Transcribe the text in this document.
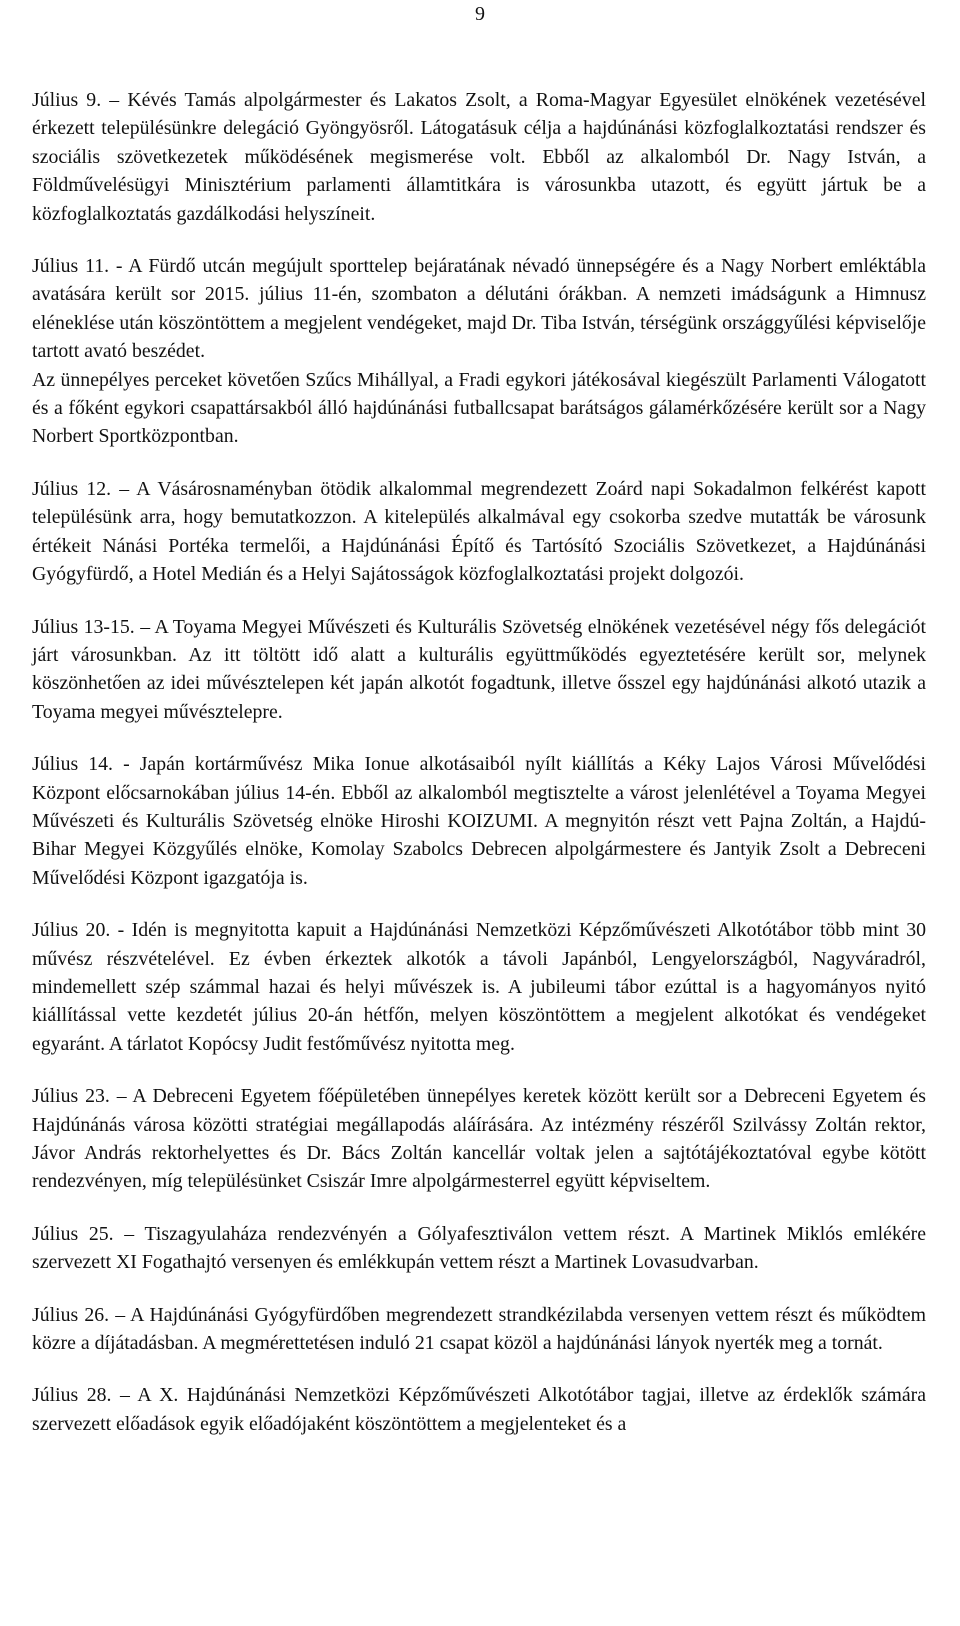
9

Július 9. – Kévés Tamás alpolgármester és Lakatos Zsolt, a Roma-Magyar Egyesület elnökének vezetésével érkezett településünkre delegáció Gyöngyösről. Látogatásuk célja a hajdúnánási közfoglalkoztatási rendszer és szociális szövetkezetek működésének megismerése volt. Ebből az alkalomból Dr. Nagy István, a Földművelésügyi Minisztérium parlamenti államtitkára is városunkba utazott, és együtt jártuk be a közfoglalkoztatás gazdálkodási helyszíneit.

Július 11. - A Fürdő utcán megújult sporttelep bejáratának névadó ünnepségére és a Nagy Norbert emléktábla avatására került sor 2015. július 11-én, szombaton a délutáni órákban. A nemzeti imádságunk a Himnusz eléneklése után köszöntöttem a megjelent vendégeket, majd Dr. Tiba István, térségünk országgyűlési képviselője tartott avató beszédet.

Az ünnepélyes perceket követően Szűcs Mihállyal, a Fradi egykori játékosával kiegészült Parlamenti Válogatott és a főként egykori csapattársakból álló hajdúnánási futballcsapat barátságos gálamérkőzésére került sor a Nagy Norbert Sportközpontban.

Július 12. – A Vásárosnaményban ötödik alkalommal megrendezett Zoárd napi Sokadalmon felkérést kapott településünk arra, hogy bemutatkozzon. A kitelepülés alkalmával egy csokorba szedve mutatták be városunk értékeit Nánási Portéka termelői, a Hajdúnánási Építő és Tartósító Szociális Szövetkezet, a Hajdúnánási Gyógyfürdő, a Hotel Medián és a Helyi Sajátosságok közfoglalkoztatási projekt dolgozói.

Július 13-15. – A Toyama Megyei Művészeti és Kulturális Szövetség elnökének vezetésével négy fős delegációt járt városunkban. Az itt töltött idő alatt a kulturális együttműködés egyeztetésére került sor, melynek köszönhetően az idei művésztelepen két japán alkotót fogadtunk, illetve ősszel egy hajdúnánási alkotó utazik a Toyama megyei művésztelepre.

Július 14. - Japán kortárművész Mika Ionue alkotásaiból nyílt kiállítás a Kéky Lajos Városi Művelődési Központ előcsarnokában július 14-én. Ebből az alkalomból megtisztelte a várost jelenlétével a Toyama Megyei Művészeti és Kulturális Szövetség elnöke Hiroshi KOIZUMI. A megnyitón részt vett Pajna Zoltán, a Hajdú-Bihar Megyei Közgyűlés elnöke, Komolay Szabolcs Debrecen alpolgármestere és Jantyik Zsolt a Debreceni Művelődési Központ igazgatója is.

Július 20. - Idén is megnyitotta kapuit a Hajdúnánási Nemzetközi Képzőművészeti Alkotótábor több mint 30 művész részvételével. Ez évben érkeztek alkotók a távoli Japánból, Lengyelországból, Nagyváradról, mindemellett szép számmal hazai és helyi művészek is. A jubileumi tábor ezúttal is a hagyományos nyitó kiállítással vette kezdetét július 20-án hétfőn, melyen köszöntöttem a megjelent alkotókat és vendégeket egyaránt. A tárlatot Kopócsy Judit festőművész nyitotta meg.

Július 23. – A Debreceni Egyetem főépületében ünnepélyes keretek között került sor a Debreceni Egyetem és Hajdúnánás városa közötti stratégiai megállapodás aláírására. Az intézmény részéről Szilvássy Zoltán rektor, Jávor András rektorhelyettes és Dr. Bács Zoltán kancellár voltak jelen a sajtótájékoztatóval egybe kötött rendezvényen, míg településünket Csiszár Imre alpolgármesterrel együtt képviseltem.

Július 25. – Tiszagyulaháza rendezvényén a Gólyafesztiválon vettem részt. A Martinek Miklós emlékére szervezett XI Fogathajtó versenyen és emlékkupán vettem részt a Martinek Lovasudvarban.

Július 26. – A Hajdúnánási Gyógyfürdőben megrendezett strandkézilabda versenyen vettem részt és működtem közre a díjátadásban. A megmérettetésen induló 21 csapat közöl a hajdúnánási lányok nyerték meg a tornát.

Július 28. – A X. Hajdúnánási Nemzetközi Képzőművészeti Alkotótábor tagjai, illetve az érdeklők számára szervezett előadások egyik előadójaként köszöntöttem a megjelenteket és a
